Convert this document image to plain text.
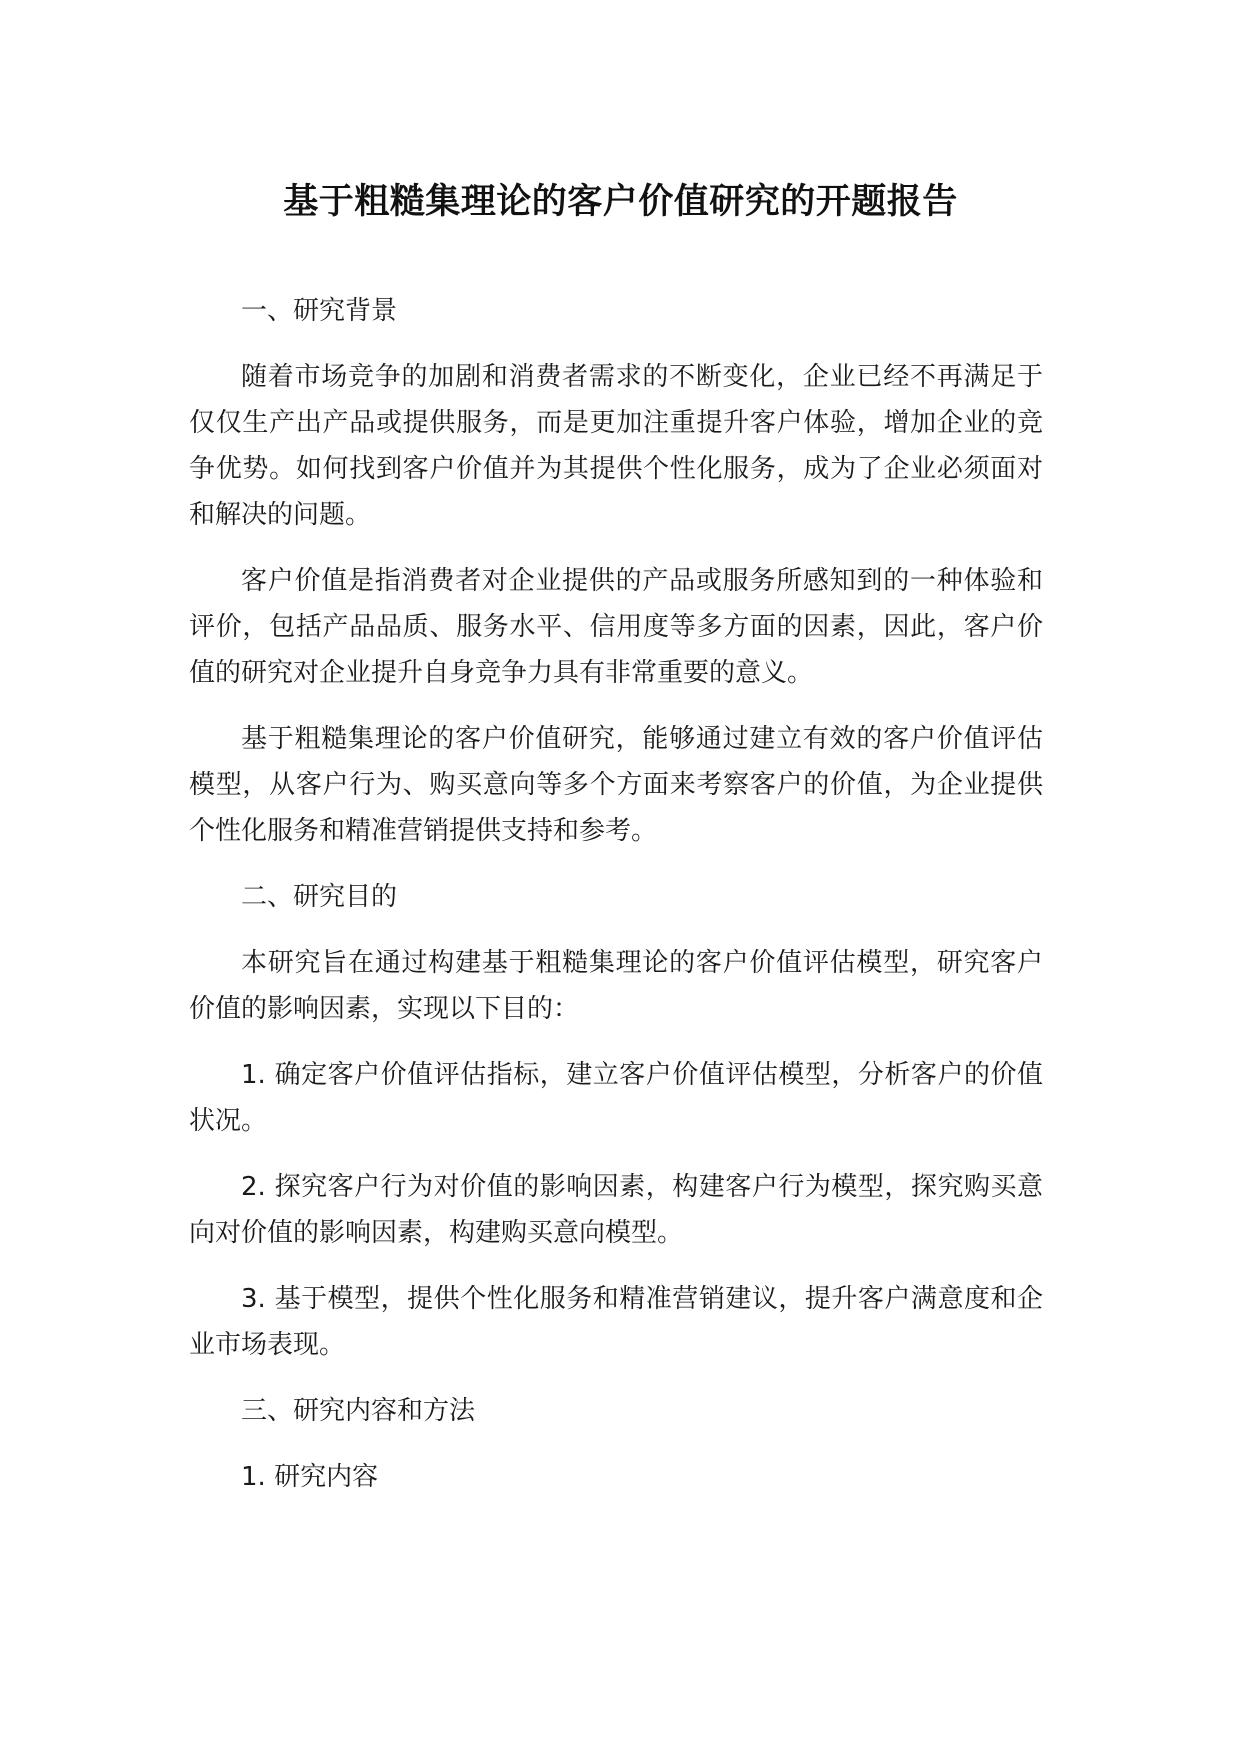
基于粗糙集理论的客户价值研究的开题报告

一、研究背景

随着市场竞争的加剧和消费者需求的不断变化，企业已经不再满足于仅仅生产出产品或提供服务，而是更加注重提升客户体验，增加企业的竞争优势。如何找到客户价值并为其提供个性化服务，成为了企业必须面对和解决的问题。

客户价值是指消费者对企业提供的产品或服务所感知到的一种体验和评价，包括产品品质、服务水平、信用度等多方面的因素，因此，客户价值的研究对企业提升自身竞争力具有非常重要的意义。

基于粗糙集理论的客户价值研究，能够通过建立有效的客户价值评估模型，从客户行为、购买意向等多个方面来考察客户的价值，为企业提供个性化服务和精准营销提供支持和参考。

二、研究目的

本研究旨在通过构建基于粗糙集理论的客户价值评估模型，研究客户价值的影响因素，实现以下目的：

1. 确定客户价值评估指标，建立客户价值评估模型，分析客户的价值状况。

2. 探究客户行为对价值的影响因素，构建客户行为模型，探究购买意向对价值的影响因素，构建购买意向模型。

3. 基于模型，提供个性化服务和精准营销建议，提升客户满意度和企业市场表现。

三、研究内容和方法

1. 研究内容
